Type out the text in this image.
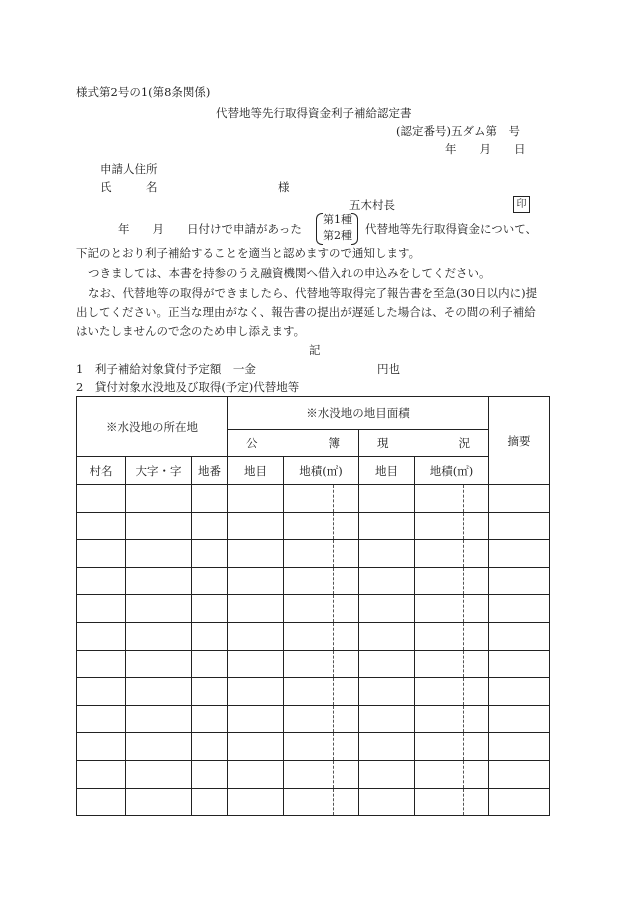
様式第2号の1(第8条関係)
代替地等先行取得資金利子補給認定書
(認定番号)五ダム第　号
年　　月　　日
申請人住所
氏　　　名	様
五木村長	印
年　　月　　日付けで申請があった
第1種
第2種 代替地等先行取得資金について、
下記のとおり利子補給することを適当と認めますので通知します。
つきましては、本書を持参のうえ融資機関へ借入れの申込みをしてください。
なお、代替地等の取得ができましたら、代替地等取得完了報告書を至急(30日以内に)提
出してください。正当な理由がなく、報告書の提出が遅延した場合は、その間の利子補給
はいたしませんので念のため申し添えます。
記
1　利子補給対象貸付予定額　一金	円也
2　貸付対象水没地及び取得(予定)代替地等
※水没地の所在地			※水没地の地目面積						摘要

			公 簿			現 況			

村名	大字・字	地番	地目	地積(㎡)		地目	地積(㎡)		
